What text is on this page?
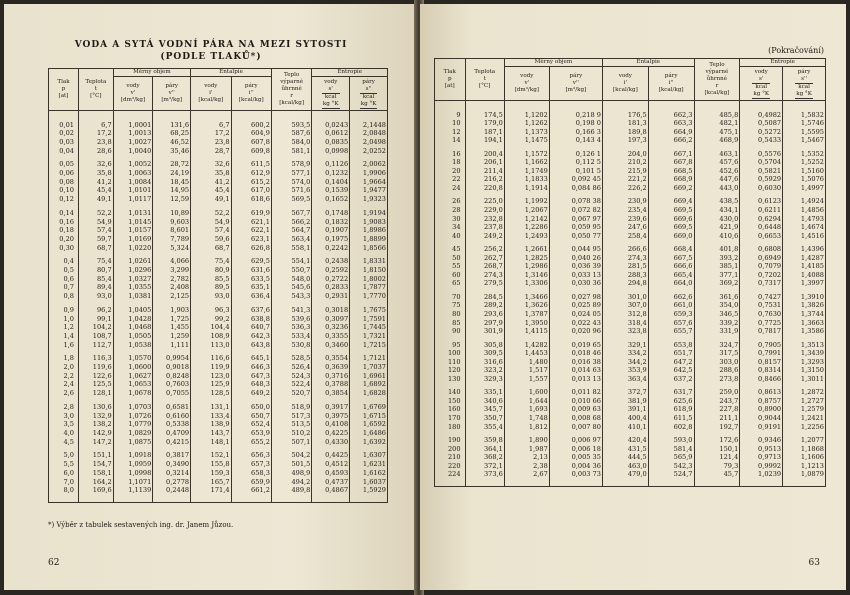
VODA A SYTÁ VODNÍ PÁRA NA MEZI SYTOSTI
(PODLE TLAKŮ*)
Tlak
p
[at]	Teplota
t
[°C]	Měrný objem		Entalpie		Teplo
výparné
ůhrnné
r
[kcal/kg]	Entropie	
		vody
v'
[dm³/kg]	páry
v''
[m³/kg]	vody
i'
[kcal/kg]	páry
i''
[kcal/kg]		vody
s'
kcal
kg °K	páry
s''
kcal
kg °K

0,01	6,7	1,0001	131,6	6,7	600,2	593,5	0,0243	2,1448
0,02	17,2	1,0013	68,25	17,2	604,9	587,6	0,0612	2,0848
0,03	23,8	1,0027	46,52	23,8	607,8	584,0	0,0835	2,0498
0,04	28,6	1,0040	35,46	28,7	609,8	581,1	0,0998	2,0252

0,05	32,6	1,0052	28,72	32,6	611,5	578,9	0,1126	2,0062
0,06	35,8	1,0063	24,19	35,8	612,9	577,1	0,1232	1,9906
0,08	41,2	1,0084	18,45	41,2	615,2	574,0	0,1404	1,9664
0,10	45,4	1,0101	14,95	45,4	617,0	571,6	0,1539	1,9477
0,12	49,1	1,0117	12,59	49,1	618,6	569,5	0,1652	1,9323

0,14	52,2	1,0131	10,89	52,2	619,9	567,7	0,1748	1,9194
0,16	54,9	1,0145	9,603	54,9	621,1	566,2	0,1832	1,9083
0,18	57,4	1,0157	8,601	57,4	622,1	564,7	0,1907	1,8986
0,20	59,7	1,0169	7,789	59,6	623,1	563,4	0,1975	1,8899
0,30	68,7	1,0220	5,324	68,7	626,8	558,1	0,2242	1,8566

0,4	75,4	1,0261	4,066	75,4	629,5	554,1	0,2438	1,8331
0,5	80,7	1,0296	3,299	80,9	631,6	550,7	0,2592	1,8150
0,6	85,4	1,0327	2,782	85,5	633,5	548,0	0,2722	1,8002
0,7	89,4	1,0355	2,408	89,5	635,1	545,6	0,2833	1,7877
0,8	93,0	1,0381	2,125	93,0	636,4	543,3	0,2931	1,7770

0,9	96,2	1,0405	1,903	96,3	637,6	541,3	0,3018	1,7675
1,0	99,1	1,0428	1,725	99,2	638,8	539,6	0,3097	1,7591
1,2	104,2	1,0468	1,455	104,4	640,7	536,3	0,3236	1,7445
1,4	108,7	1,0505	1,259	108,9	642,3	533,4	0,3355	1,7321
1,6	112,7	1,0538	1,111	113,0	643,8	530,8	0,3460	1,7215

1,8	116,3	1,0570	0,9954	116,6	645,1	528,5	0,3554	1,7121
2,0	119,6	1,0600	0,9018	119,9	646,3	526,4	0,3639	1,7037
2,2	122,6	1,0627	0,8248	123,0	647,3	524,3	0,3716	1,6961
2,4	125,5	1,0653	0,7603	125,9	648,3	522,4	0,3788	1,6892
2,6	128,1	1,0678	0,7055	128,5	649,2	520,7	0,3854	1,6828

2,8	130,6	1,0703	0,6581	131,1	650,0	518,9	0,3917	1,6769
3,0	132,9	1,0726	0,6160	133,4	650,7	517,3	0,3975	1,6715
3,5	138,2	1,0779	0,5338	138,9	652,4	513,5	0,4108	1,6592
4,0	142,9	1,0829	0,4709	143,7	653,9	510,2	0,4225	1,6486
4,5	147,2	1,0875	0,4215	148,1	655,2	507,1	0,4330	1,6392

5,0	151,1	1,0918	0,3817	152,1	656,3	504,2	0,4425	1,6307
5,5	154,7	1,0959	0,3490	155,8	657,3	501,5	0,4512	1,6231
6,0	158,1	1,0998	0,3214	159,3	658,3	498,9	0,4593	1,6162
7,0	164,2	1,1071	0,2778	165,7	659,9	494,2	0,4737	1,6037
8,0	169,6	1,1139	0,2448	171,4	661,2	489,8	0,4867	1,5929

*) Výběr z tabulek sestavených ing. dr. Janem Jůzou.
62
(Pokračování)
Tlak
p
[at]	Teplota
t
[°C]	Měrný objem		Entalpie		Teplo
výparné
ůhrnné
r
[kcal/kg]	Entropie	
		vody
v'
[dm³/kg]	páry
v''
[m³/kg]	vody
i'
[kcal/kg]	páry
i''
[kcal/kg]		vody
s'
kcal
kg °K	páry
s''
kcal
kg °K

9	174,5	1,1202	0,218 9	176,5	662,3	485,8	0,4982	1,5832
10	179,0	1,1262	0,198 0	181,3	663,3	482,1	0,5087	1,5746
12	187,1	1,1373	0,166 3	189,8	664,9	475,1	0,5272	1,5595
14	194,1	1,1475	0,143 4	197,3	666,2	468,9	0,5433	1,5467

16	200,4	1,1572	0,126 1	204,0	667,1	463,1	0,5576	1,5352
18	206,1	1,1662	0,112 5	210,2	667,8	457,6	0,5704	1,5252
20	211,4	1,1749	0,101 5	215,9	668,5	452,6	0,5821	1,5160
22	216,2	1,1833	0,092 45	221,2	668,9	447,6	0,5929	1,5076
24	220,8	1,1914	0,084 86	226,2	669,2	443,0	0,6030	1,4997

26	225,0	1,1992	0,078 38	230,9	669,4	438,5	0,6123	1,4924
28	229,0	1,2067	0,072 82	235,4	669,5	434,1	0,6211	1,4856
30	232,8	1,2142	0,067 97	239,6	669,6	430,0	0,6294	1,4793
34	237,8	1,2286	0,059 95	247,6	669,5	421,9	0,6448	1,4674
40	249,2	1,2493	0,050 77	258,4	669,0	410,6	0,6653	1,4516

45	256,2	1,2661	0,044 95	266,6	668,4	401,8	0,6808	1,4396
50	262,7	1,2825	0,040 26	274,3	667,5	393,2	0,6949	1,4287
55	268,7	1,2986	0,036 39	281,5	666,6	385,1	0,7079	1,4185
60	274,3	1,3146	0,033 13	288,3	665,4	377,1	0,7202	1,4088
65	279,5	1,3306	0,030 36	294,8	664,0	369,2	0,7317	1,3997

70	284,5	1,3466	0,027 98	301,0	662,6	361,6	0,7427	1,3910
75	289,2	1,3626	0,025 89	307,0	661,0	354,0	0,7531	1,3826
80	293,6	1,3787	0,024 05	312,8	659,3	346,5	0,7630	1,3744
85	297,9	1,3950	0,022 43	318,4	657,6	339,2	0,7725	1,3663
90	301,9	1,4115	0,020 96	323,8	655,7	331,9	0,7817	1,3586

95	305,8	1,4282	0,019 65	329,1	653,8	324,7	0,7905	1,3513
100	309,5	1,4453	0,018 46	334,2	651,7	317,5	0,7991	1,3439
110	316,6	1,480	0,016 38	344,2	647,2	303,0	0,8157	1,3293
120	323,2	1,517	0,014 63	353,9	642,5	288,6	0,8314	1,3150
130	329,3	1,557	0,013 13	363,4	637,2	273,8	0,8466	1,3011

140	335,1	1,600	0,011 82	372,7	631,7	259,0	0,8613	1,2872
150	340,6	1,644	0,010 66	381,9	625,6	243,7	0,8757	1,2727
160	345,7	1,693	0,009 63	391,1	618,9	227,8	0,8900	1,2579
170	350,7	1,748	0,008 68	400,4	611,5	211,1	0,9044	1,2421
180	355,4	1,812	0,007 80	410,1	602,8	192,7	0,9191	1,2256

190	359,8	1,890	0,006 97	420,4	593,0	172,6	0,9346	1,2077
200	364,1	1,987	0,006 18	431,5	581,4	150,1	0,9513	1,1868
210	368,2	2,13	0,005 35	444,5	565,9	121,4	0,9713	1,1606
220	372,1	2,38	0,004 36	463,0	542,3	79,3	0,9992	1,1213
224	373,6	2,67	0,003 73	479,0	524,7	45,7	1,0239	1,0879

63
